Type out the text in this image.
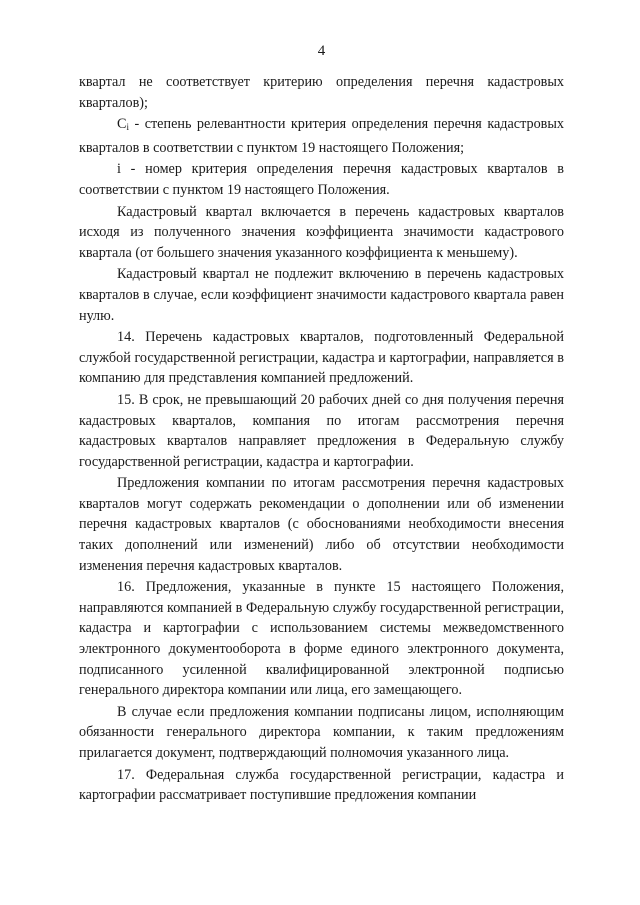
4

квартал не соответствует критерию определения перечня кадастровых кварталов);

$C_i$ - степень релевантности критерия определения перечня кадастровых кварталов в соответствии с пунктом 19 настоящего Положения;

i - номер критерия определения перечня кадастровых кварталов в соответствии с пунктом 19 настоящего Положения.

Кадастровый квартал включается в перечень кадастровых кварталов исходя из полученного значения коэффициента значимости кадастрового квартала (от большего значения указанного коэффициента к меньшему).

Кадастровый квартал не подлежит включению в перечень кадастровых кварталов в случае, если коэффициент значимости кадастрового квартала равен нулю.

14. Перечень кадастровых кварталов, подготовленный Федеральной службой государственной регистрации, кадастра и картографии, направляется в компанию для представления компанией предложений.

15. В срок, не превышающий 20 рабочих дней со дня получения перечня кадастровых кварталов, компания по итогам рассмотрения перечня кадастровых кварталов направляет предложения в Федеральную службу государственной регистрации, кадастра и картографии.

Предложения компании по итогам рассмотрения перечня кадастровых кварталов могут содержать рекомендации о дополнении или об изменении перечня кадастровых кварталов (с обоснованиями необходимости внесения таких дополнений или изменений) либо об отсутствии необходимости изменения перечня кадастровых кварталов.

16. Предложения, указанные в пункте 15 настоящего Положения, направляются компанией в Федеральную службу государственной регистрации, кадастра и картографии с использованием системы межведомственного электронного документооборота в форме единого электронного документа, подписанного усиленной квалифицированной электронной подписью генерального директора компании или лица, его замещающего.

В случае если предложения компании подписаны лицом, исполняющим обязанности генерального директора компании, к таким предложениям прилагается документ, подтверждающий полномочия указанного лица.

17. Федеральная служба государственной регистрации, кадастра и картографии рассматривает поступившие предложения компании
